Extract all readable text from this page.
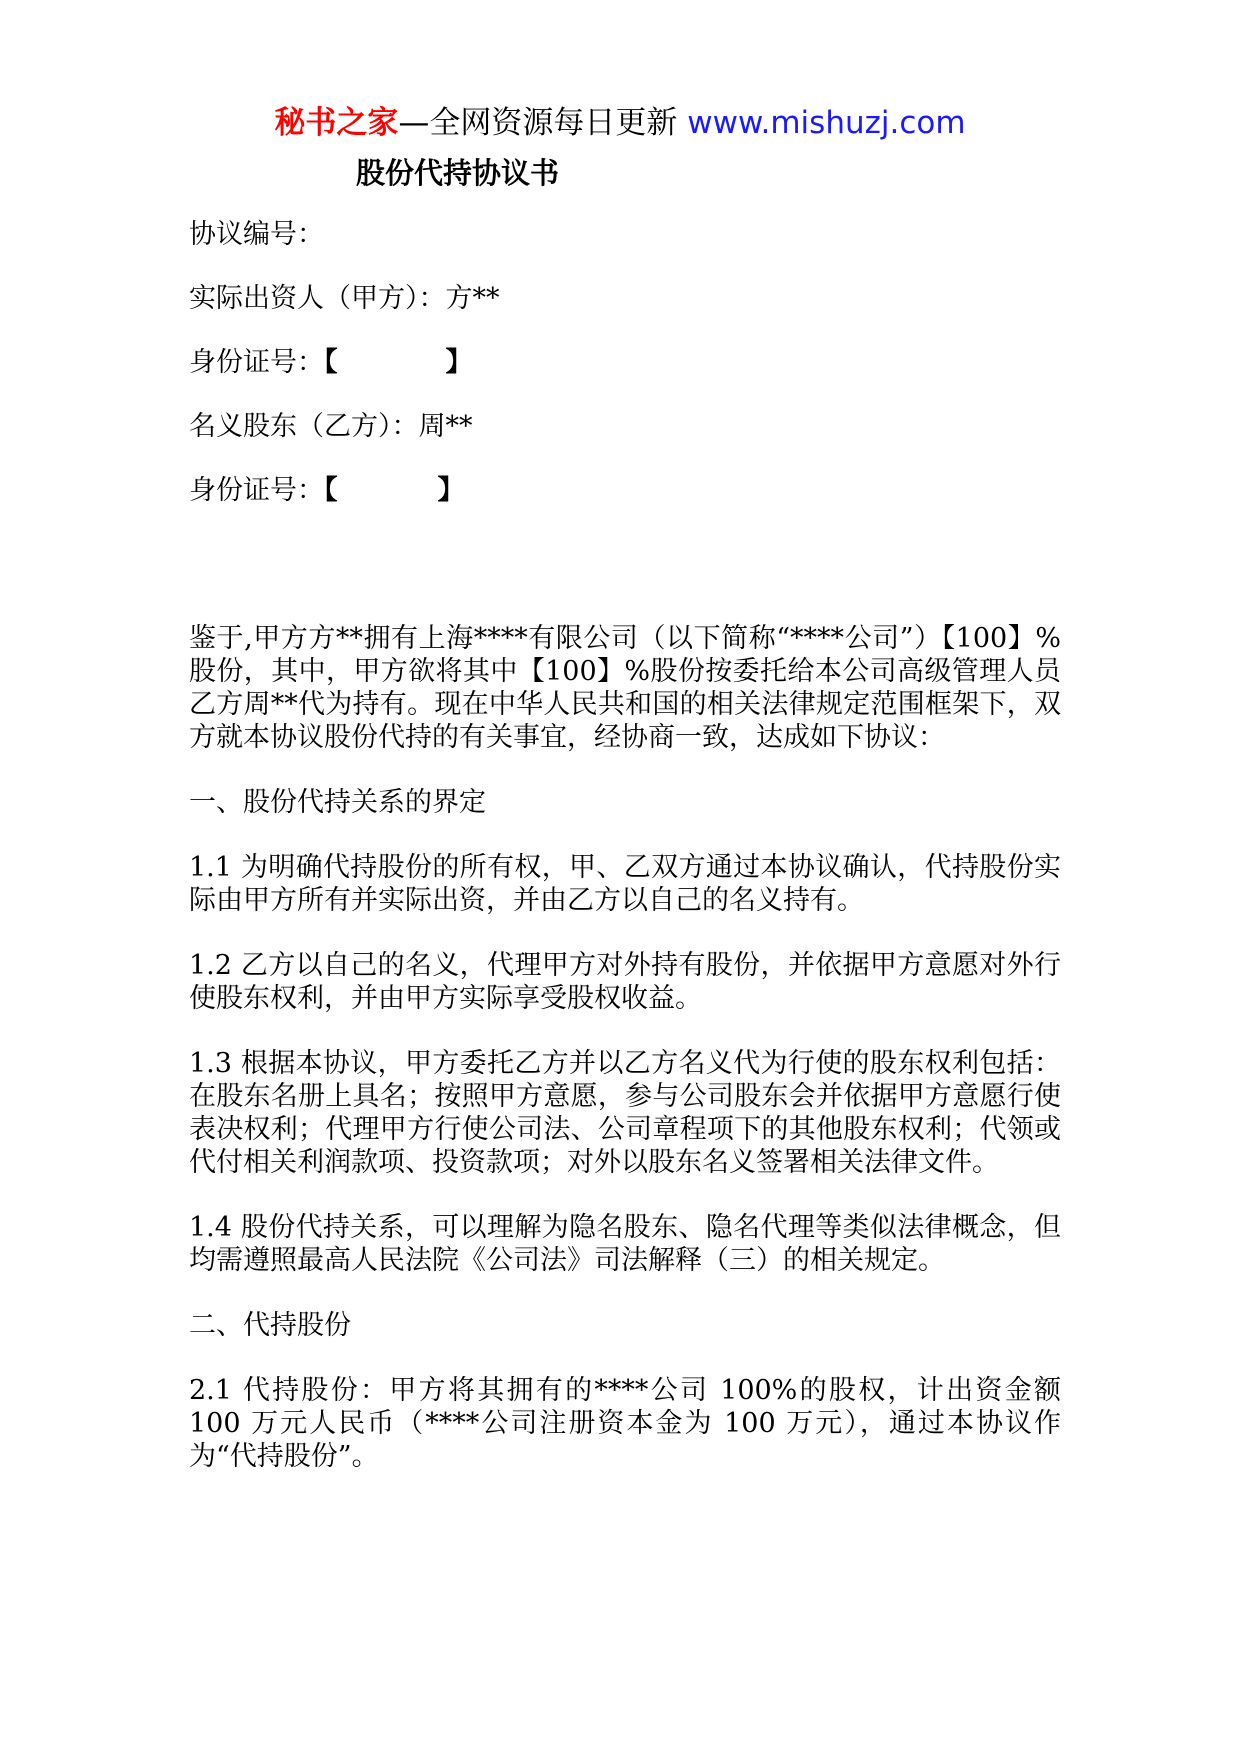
秘书之家—全网资源每日更新 www.mishuzj.com
股份代持协议书
协议编号：
实际出资人（甲方）：方**
身份证号：【	】
名义股东（乙方）：周**
身份证号：【	】

鉴于,甲方方**拥有上海****有限公司（以下简称“****公司”）【100】%股份，其中，甲方欲将其中【100】%股份按委托给本公司高级管理人员乙方周**代为持有。现在中华人民共和国的相关法律规定范围框架下，双方就本协议股份代持的有关事宜，经协商一致，达成如下协议：

一、股份代持关系的界定

1.1 为明确代持股份的所有权，甲、乙双方通过本协议确认，代持股份实际由甲方所有并实际出资，并由乙方以自己的名义持有。

1.2 乙方以自己的名义，代理甲方对外持有股份，并依据甲方意愿对外行使股东权利，并由甲方实际享受股权收益。

1.3 根据本协议，甲方委托乙方并以乙方名义代为行使的股东权利包括：在股东名册上具名；按照甲方意愿，参与公司股东会并依据甲方意愿行使表决权利；代理甲方行使公司法、公司章程项下的其他股东权利；代领或代付相关利润款项、投资款项；对外以股东名义签署相关法律文件。

1.4 股份代持关系，可以理解为隐名股东、隐名代理等类似法律概念，但均需遵照最高人民法院《公司法》司法解释（三）的相关规定。

二、代持股份

2.1 代持股份：甲方将其拥有的****公司 100%的股权，计出资金额 100 万元人民币（****公司注册资本金为 100 万元），通过本协议作为“代持股份”。
